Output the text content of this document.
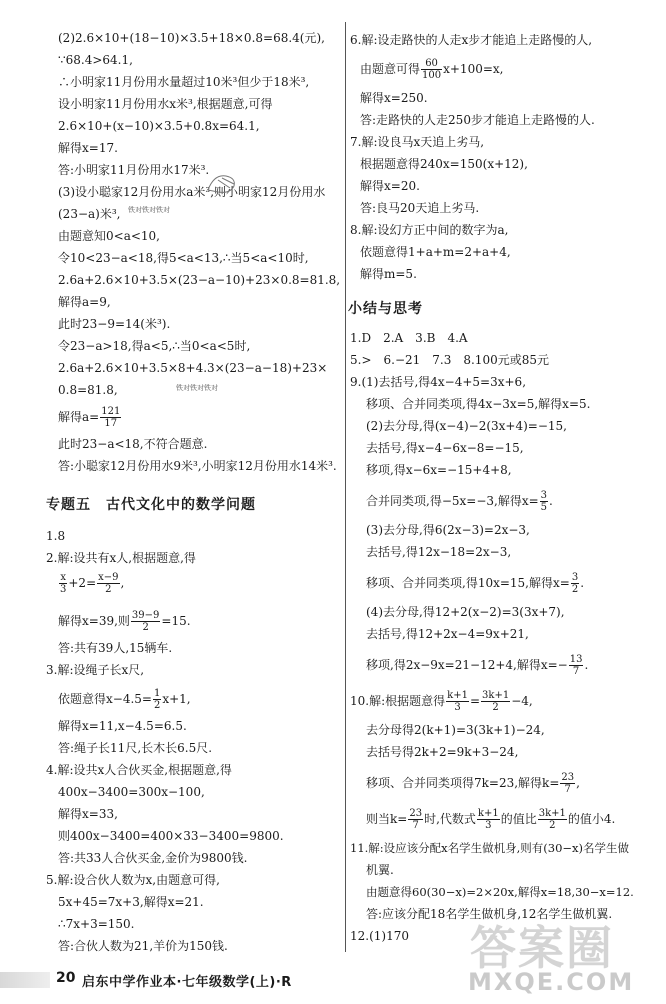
(2)2.6×10+(18−10)×3.5+18×0.8=68.4(元),
∵68.4>64.1,
∴小明家11月份用水量超过10米³但少于18米³,
设小明家11月份用水x米³,根据题意,可得
2.6×10+(x−10)×3.5+0.8x=64.1,
解得x=17.
答:小明家11月份用水17米³.
(3)设小聪家12月份用水a米³,则小明家12月份用水
(23−a)米³,
由题意知0<a<10,
令10<23−a<18,得5<a<13,∴当5<a<10时,
2.6a+2.6×10+3.5×(23−a−10)+23×0.8=81.8,
解得a=9,
此时23−9=14(米³).
令23−a>18,得a<5,∴当0<a<5时,
2.6a+2.6×10+3.5×8+4.3×(23−a−18)+23×
0.8=81.8,
解得$a= \frac{121}{17}$
此时23−a<18,不符合题意.
答:小聪家12月份用水9米³,小明家12月份用水14米³.
铁对铁对铁对
铁对铁对铁对
专题五　古代文化中的数学问题
1.8
2.解:设共有x人,根据题意,得
$\frac{x}{3} +2= \frac{x-9}{2}$ ,
解得x=39,则 $\frac{39-9}{2} =15$.
答:共有39人,15辆车.
3.解:设绳子长x尺,
依题意得$x-4.5= \frac{1}{2} x+1$,
解得x=11,x−4.5=6.5.
答:绳子长11尺,长木长6.5尺.
4.解:设共x人合伙买金,根据题意,得
400x−3400=300x−100,
解得x=33,
则400x−3400=400×33−3400=9800.
答:共33人合伙买金,金价为9800钱.
5.解:设合伙人数为x,由题意可得,
5x+45=7x+3,解得x=21.
∴7x+3=150.
答:合伙人数为21,羊价为150钱.
6.解:设走路快的人走x步才能追上走路慢的人,
由题意可得 $\frac{60}{100} x+100=x$,
解得x=250.
答:走路快的人走250步才能追上走路慢的人.
7.解:设良马x天追上劣马,
根据题意得240x=150(x+12),
解得x=20.
答:良马20天追上劣马.
8.解:设幻方正中间的数字为a,
依题意得1+a+m=2+a+4,
解得m=5.
小结与思考
1.D　2.A　3.B　4.A
5.>　6.−21　7.3　8.100元或85元
9.(1)去括号,得4x−4+5=3x+6,
移项、合并同类项,得4x−3x=5,解得x=5.
(2)去分母,得(x−4)−2(3x+4)=−15,
去括号,得x−4−6x−8=−15,
移项,得x−6x=−15+4+8,
合并同类项,得−5x=−3,解得$x= \frac{3}{5}$ .
(3)去分母,得6(2x−3)=2x−3,
去括号,得12x−18=2x−3,
移项、合并同类项,得10x=15,解得$x= \frac{3}{2}$ .
(4)去分母,得12+2(x−2)=3(3x+7),
去括号,得12+2x−4=9x+21,
移项,得2x−9x=21−12+4,解得$x=- \frac{13}{7}$ .
10.解:根据题意得 $\frac{k+1}{3} = \frac{3k+1}{2} -4$,
去分母得2(k+1)=3(3k+1)−24,
去括号得2k+2=9k+3−24,
移项、合并同类项得7k=23,解得$k= \frac{23}{7}$ ,
则当$k= \frac{23}{7}$ 时,代数式 $\frac{k+1}{3}$ 的值比 $\frac{3k+1}{2}$ 的值小4.
11.解:设应该分配x名学生做机身,则有(30−x)名学生做
机翼.
由题意得60(30−x)=2×20x,解得x=18,30−x=12.
答:应该分配18名学生做机身,12名学生做机翼.
12.(1)170 答案圈
MXQE.COM
20 启东中学作业本·七年级数学(上)·R
